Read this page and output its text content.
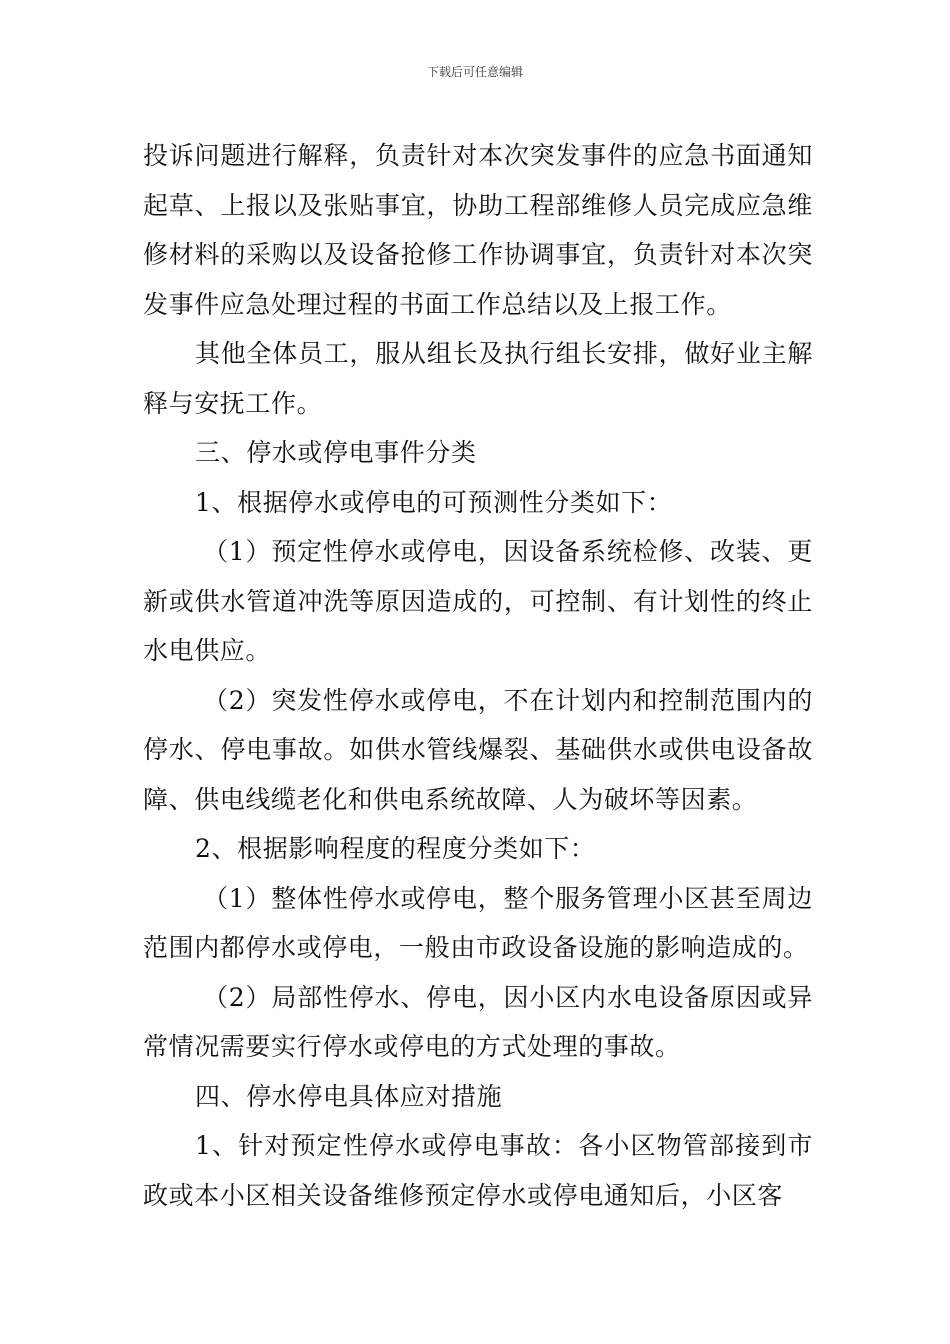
下载后可任意编辑

投诉问题进行解释，负责针对本次突发事件的应急书面通知起草、上报以及张贴事宜，协助工程部维修人员完成应急维修材料的采购以及设备抢修工作协调事宜，负责针对本次突发事件应急处理过程的书面工作总结以及上报工作。

其他全体员工，服从组长及执行组长安排，做好业主解释与安抚工作。

三、停水或停电事件分类

1、根据停水或停电的可预测性分类如下：

（1）预定性停水或停电，因设备系统检修、改装、更新或供水管道冲洗等原因造成的，可控制、有计划性的终止水电供应。

（2）突发性停水或停电，不在计划内和控制范围内的停水、停电事故。如供水管线爆裂、基础供水或供电设备故障、供电线缆老化和供电系统故障、人为破坏等因素。

2、根据影响程度的程度分类如下：

（1）整体性停水或停电，整个服务管理小区甚至周边范围内都停水或停电，一般由市政设备设施的影响造成的。

（2）局部性停水、停电，因小区内水电设备原因或异常情况需要实行停水或停电的方式处理的事故。

四、停水停电具体应对措施

1、针对预定性停水或停电事故：各小区物管部接到市政或本小区相关设备维修预定停水或停电通知后，小区客
